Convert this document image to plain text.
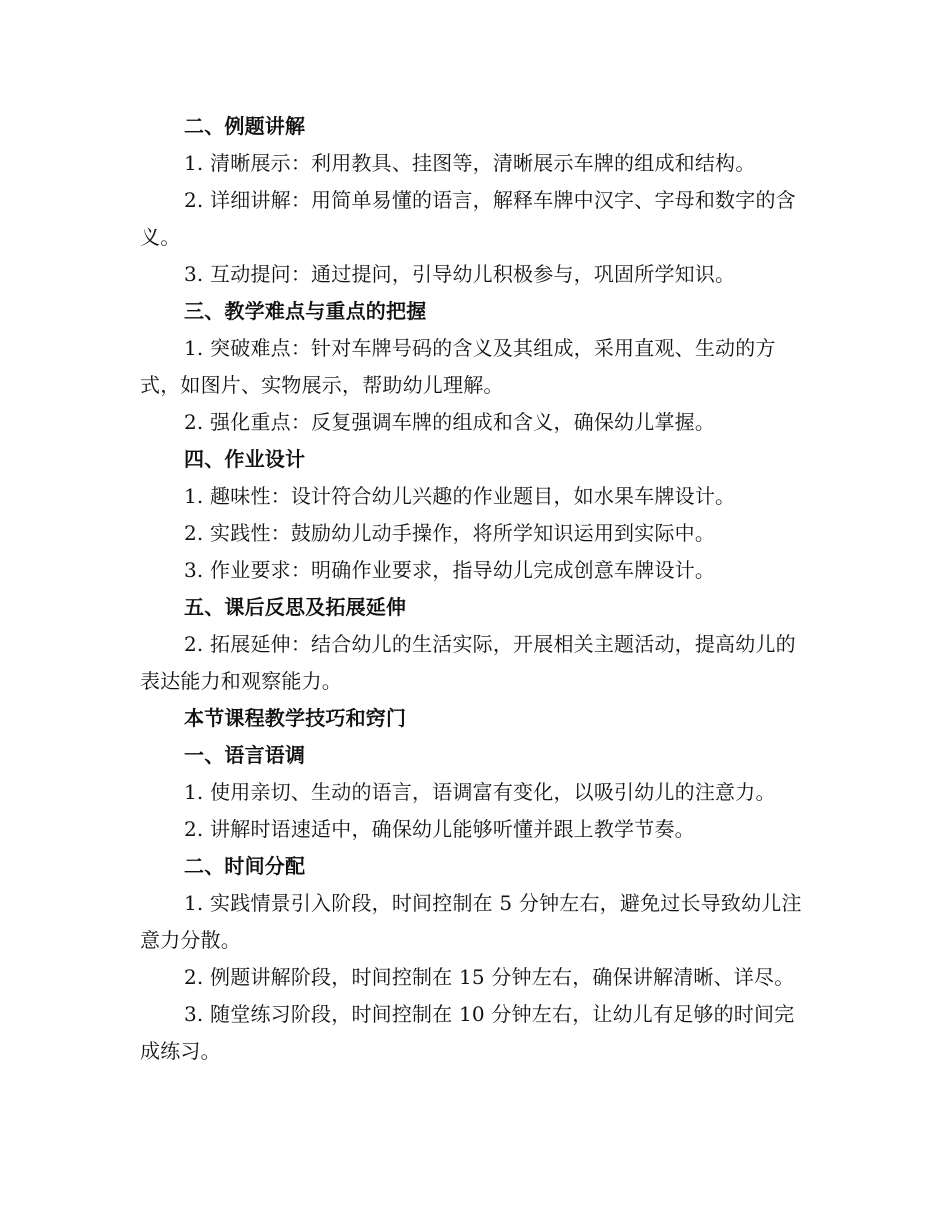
二、例题讲解
1. 清晰展示：利用教具、挂图等，清晰展示车牌的组成和结构。
2. 详细讲解：用简单易懂的语言，解释车牌中汉字、字母和数字的含义。
3. 互动提问：通过提问，引导幼儿积极参与，巩固所学知识。
三、教学难点与重点的把握
1. 突破难点：针对车牌号码的含义及其组成，采用直观、生动的方式，如图片、实物展示，帮助幼儿理解。
2. 强化重点：反复强调车牌的组成和含义，确保幼儿掌握。
四、作业设计
1. 趣味性：设计符合幼儿兴趣的作业题目，如水果车牌设计。
2. 实践性：鼓励幼儿动手操作，将所学知识运用到实际中。
3. 作业要求：明确作业要求，指导幼儿完成创意车牌设计。
五、课后反思及拓展延伸
2. 拓展延伸：结合幼儿的生活实际，开展相关主题活动，提高幼儿的表达能力和观察能力。
本节课程教学技巧和窍门
一、语言语调
1. 使用亲切、生动的语言，语调富有变化，以吸引幼儿的注意力。
2. 讲解时语速适中，确保幼儿能够听懂并跟上教学节奏。
二、时间分配
1. 实践情景引入阶段，时间控制在 5 分钟左右，避免过长导致幼儿注意力分散。
2. 例题讲解阶段，时间控制在 15 分钟左右，确保讲解清晰、详尽。
3. 随堂练习阶段，时间控制在 10 分钟左右，让幼儿有足够的时间完成练习。
